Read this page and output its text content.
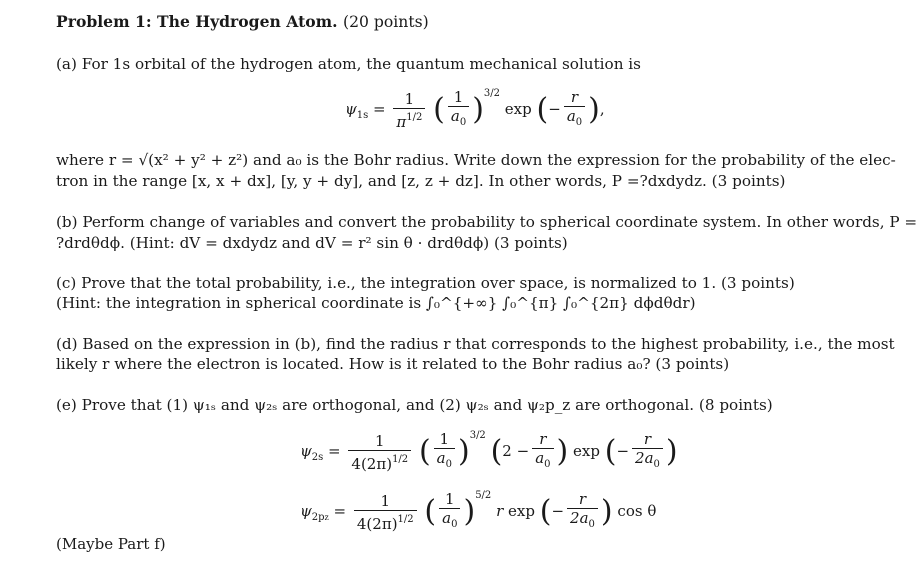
Problem 1: The Hydrogen Atom. (20 points)
(a) For 1s orbital of the hydrogen atom, the quantum mechanical solution is
$\psi_{1s} = \frac{1}{\pi^{1/2}}$ ( $\frac{1}{a_0} )^{3/2}$ exp (− $\frac{r}{a_0}$ ),
where r = √(x² + y² + z²) and a₀ is the Bohr radius. Write down the expression for the probability of the elec-
tron in the range [x, x + dx], [y, y + dy], and [z, z + dz]. In other words, P =?dxdydz. (3 points)
(b) Perform change of variables and convert the probability to spherical coordinate system. In other words, P =
?drdθdϕ. (Hint: dV = dxdydz and dV = r² sin θ · drdθdϕ) (3 points)
(c) Prove that the total probability, i.e., the integration over space, is normalized to 1. (3 points)
(Hint: the integration in spherical coordinate is ∫₀^{+∞} ∫₀^{π} ∫₀^{2π} dϕdθdr)
(d) Based on the expression in (b), find the radius r that corresponds to the highest probability, i.e., the most
likely r where the electron is located. How is it related to the Bohr radius a₀? (3 points)
(e) Prove that (1) ψ₁ₛ and ψ₂ₛ are orthogonal, and (2) ψ₂ₛ and ψ₂p_z are orthogonal. (8 points)
$\psi_{2s} = \frac{1}{4(2\pi)^{1/2}}$ ( $\frac{1}{a_0} )^{3/2}$ ($2 - \frac{r}{a_0}$ ) exp (− $\frac{r}{2a_0}$ )
$\psi_{2pz} = \frac{1}{4(2\pi)^{1/2}}$ ( $\frac{1}{a_0} )^{5/2}$ r exp (− $\frac{r}{2a_0}$ ) cos θ
(Maybe Part f)
